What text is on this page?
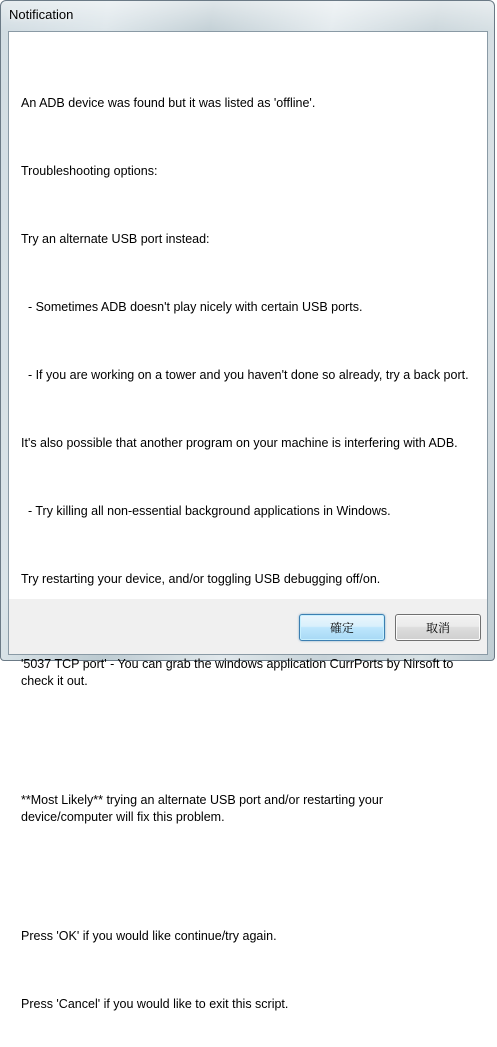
Notification

An ADB device was found but it was listed as 'offline'.

Troubleshooting options:

Try an alternate USB port instead:

- Sometimes ADB doesn't play nicely with certain USB ports.

- If you are working on a tower and you haven't done so already, try a back port.

It's also possible that another program on your machine is interfering with ADB.

- Try killing all non-essential background applications in Windows.

Try restarting your device, and/or toggling USB debugging off/on.

'5037 TCP port' - You can grab the windows application CurrPorts by Nirsoft to check it out.

**Most Likely** trying an alternate USB port and/or restarting your device/computer will fix this problem.

Press 'OK' if you would like continue/try again.

Press 'Cancel' if you would like to exit this script.

確定	取消
